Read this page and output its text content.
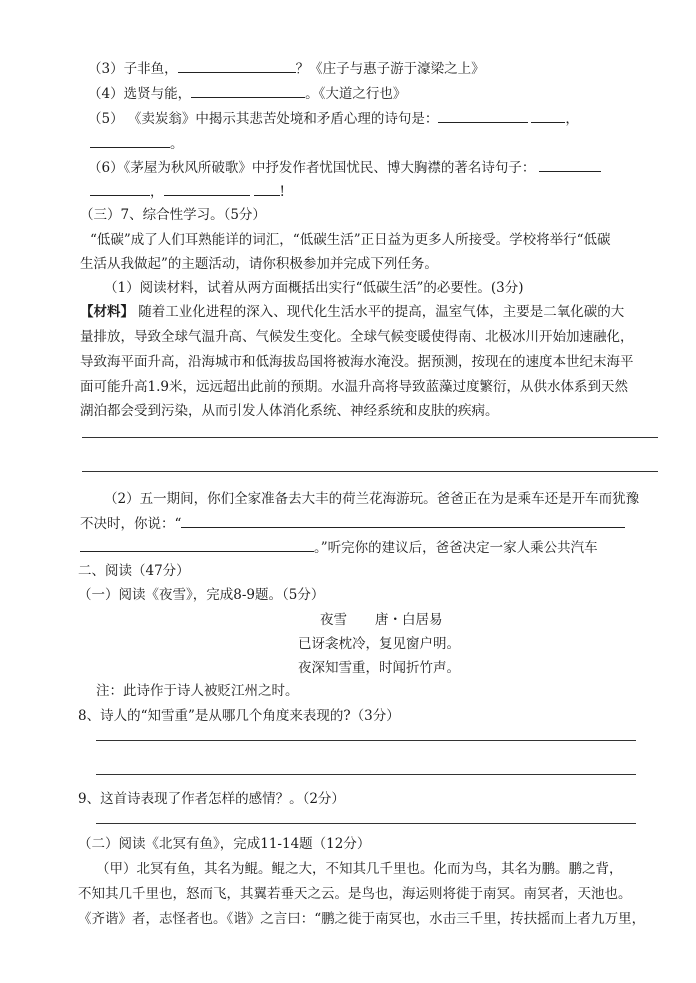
（3）子非鱼，	？《庄子与惠子游于濠梁之上》
（4）选贤与能，	。《大道之行也》
（5） 《卖炭翁》中揭示其悲苦处境和矛盾心理的诗句是：	，
。
（6）《茅屋为秋风所破歌》中抒发作者忧国忧民、博大胸襟的著名诗句子：
，	!
（三）7、综合性学习。（5分）
“低碳”成了人们耳熟能详的词汇，“低碳生活”正日益为更多人所接受。学校将举行“低碳
生活从我做起”的主题活动，请你积极参加并完成下列任务。
（1）阅读材料，试着从两方面概括出实行“低碳生活”的必要性。(3分)
【材料】 随着工业化进程的深入、现代化生活水平的提高，温室气体，主要是二氧化碳的大
量排放，导致全球气温升高、气候发生变化。全球气候变暖使得南、北极冰川开始加速融化，
导致海平面升高，沿海城市和低海拔岛国将被海水淹没。据预测，按现在的速度本世纪末海平
面可能升高1.9米，远远超出此前的预期。水温升高将导致蓝藻过度繁衍，从供水体系到天然
湖泊都会受到污染，从而引发人体消化系统、神经系统和皮肤的疾病。
（2）五一期间，你们全家准备去大丰的荷兰花海游玩。爸爸正在为是乘车还是开车而犹豫
不决时，你说：“
。”听完你的建议后，爸爸决定一家人乘公共汽车
二、阅读（47分）
（一）阅读《夜雪》，完成8-9题。（5分）
夜雪 唐・白居易
已讶衾枕冷，复见窗户明。
夜深知雪重，时闻折竹声。
注：此诗作于诗人被贬江州之时。
8、诗人的“知雪重”是从哪几个角度来表现的?（3分）
9、这首诗表现了作者怎样的感情？。（2分）
（二）阅读《北冥有鱼》，完成11-14题（12分）
（甲）北冥有鱼，其名为鲲。鲲之大，不知其几千里也。化而为鸟，其名为鹏。鹏之背，
不知其几千里也，怒而飞，其翼若垂天之云。是鸟也，海运则将徙于南冥。南冥者，天池也。
《齐谐》者，志怪者也。《谐》之言曰：“鹏之徙于南冥也，水击三千里，抟扶摇而上者九万里，
